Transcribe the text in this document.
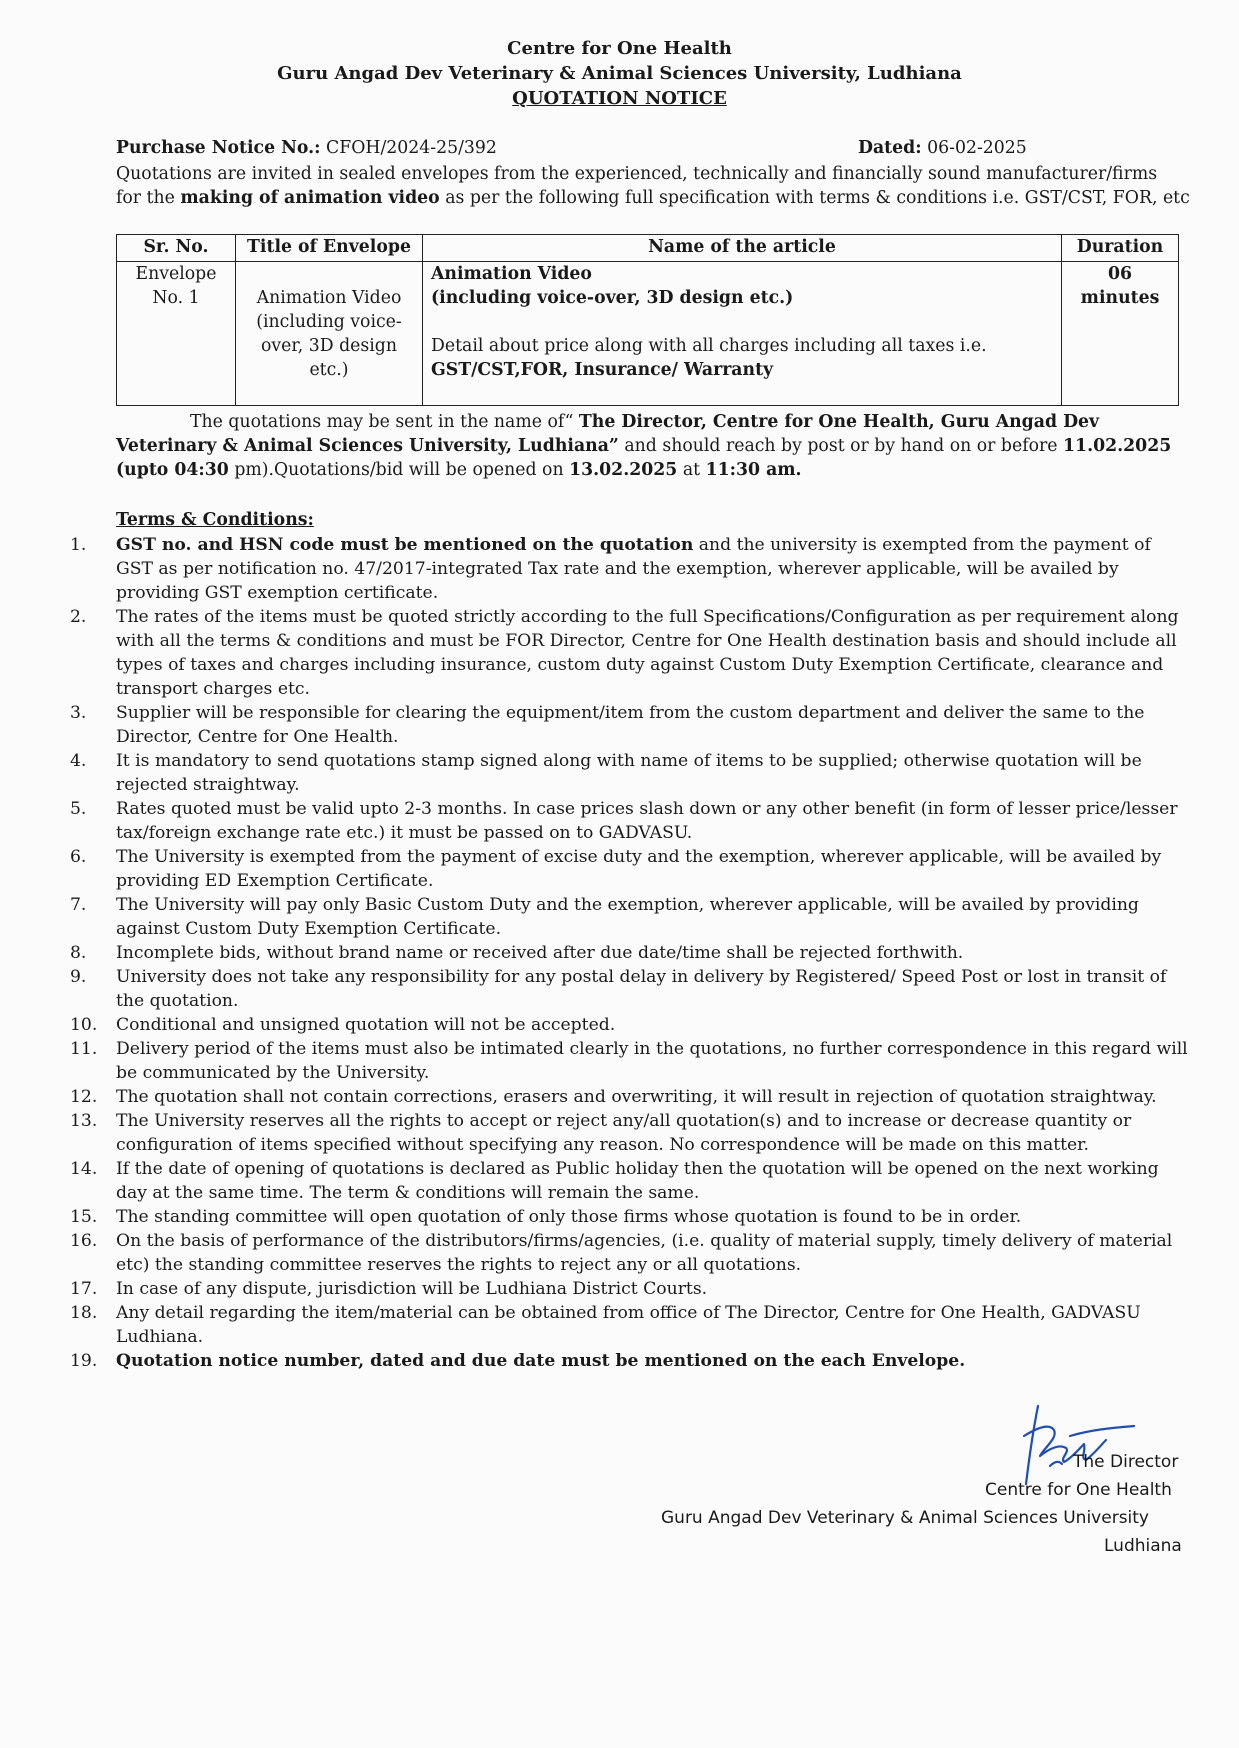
Centre for One Health
Guru Angad Dev Veterinary & Animal Sciences University, Ludhiana
QUOTATION NOTICE
Purchase Notice No.: CFOH/2024-25/392	Dated: 06-02-2025
Quotations are invited in sealed envelopes from the experienced, technically and financially sound manufacturer/firms
for the making of animation video as per the following full specification with terms & conditions i.e. GST/CST, FOR, etc
Sr. No.	Title of Envelope	Name of the article	Duration
Envelope No. 1	Animation Video (including voice-over, 3D design etc.)	Animation Video
(including voice-over, 3D design etc.)
Detail about price along with all charges including all taxes i.e.
GST/CST,FOR, Insurance/ Warranty	06 minutes
The quotations may be sent in the name of“ The Director, Centre for One Health, Guru Angad Dev
Veterinary & Animal Sciences University, Ludhiana” and should reach by post or by hand on or before 11.02.2025
(upto 04:30 pm).Quotations/bid will be opened on 13.02.2025 at 11:30 am.
Terms & Conditions:
1.	GST no. and HSN code must be mentioned on the quotation and the university is exempted from the payment of GST as per notification no. 47/2017-integrated Tax rate and the exemption, wherever applicable, will be availed by providing GST exemption certificate.
2.	The rates of the items must be quoted strictly according to the full Specifications/Configuration as per requirement along with all the terms & conditions and must be FOR Director, Centre for One Health destination basis and should include all types of taxes and charges including insurance, custom duty against Custom Duty Exemption Certificate, clearance and transport charges etc.
3.	Supplier will be responsible for clearing the equipment/item from the custom department and deliver the same to the Director, Centre for One Health.
4.	It is mandatory to send quotations stamp signed along with name of items to be supplied; otherwise quotation will be rejected straightway.
5.	Rates quoted must be valid upto 2-3 months. In case prices slash down or any other benefit (in form of lesser price/lesser tax/foreign exchange rate etc.) it must be passed on to GADVASU.
6.	The University is exempted from the payment of excise duty and the exemption, wherever applicable, will be availed by providing ED Exemption Certificate.
7.	The University will pay only Basic Custom Duty and the exemption, wherever applicable, will be availed by providing against Custom Duty Exemption Certificate.
8.	Incomplete bids, without brand name or received after due date/time shall be rejected forthwith.
9.	University does not take any responsibility for any postal delay in delivery by Registered/ Speed Post or lost in transit of the quotation.
10. Conditional and unsigned quotation will not be accepted.
11. Delivery period of the items must also be intimated clearly in the quotations, no further correspondence in this regard will be communicated by the University.
12. The quotation shall not contain corrections, erasers and overwriting, it will result in rejection of quotation straightway.
13. The University reserves all the rights to accept or reject any/all quotation(s) and to increase or decrease quantity or configuration of items specified without specifying any reason. No correspondence will be made on this matter.
14. If the date of opening of quotations is declared as Public holiday then the quotation will be opened on the next working day at the same time. The term & conditions will remain the same.
15. The standing committee will open quotation of only those firms whose quotation is found to be in order.
16. On the basis of performance of the distributors/firms/agencies, (i.e. quality of material supply, timely delivery of material etc) the standing committee reserves the rights to reject any or all quotations.
17. In case of any dispute, jurisdiction will be Ludhiana District Courts.
18. Any detail regarding the item/material can be obtained from office of The Director, Centre for One Health, GADVASU Ludhiana.
19. Quotation notice number, dated and due date must be mentioned on the each Envelope.
The Director
Centre for One Health
Guru Angad Dev Veterinary & Animal Sciences University
Ludhiana
